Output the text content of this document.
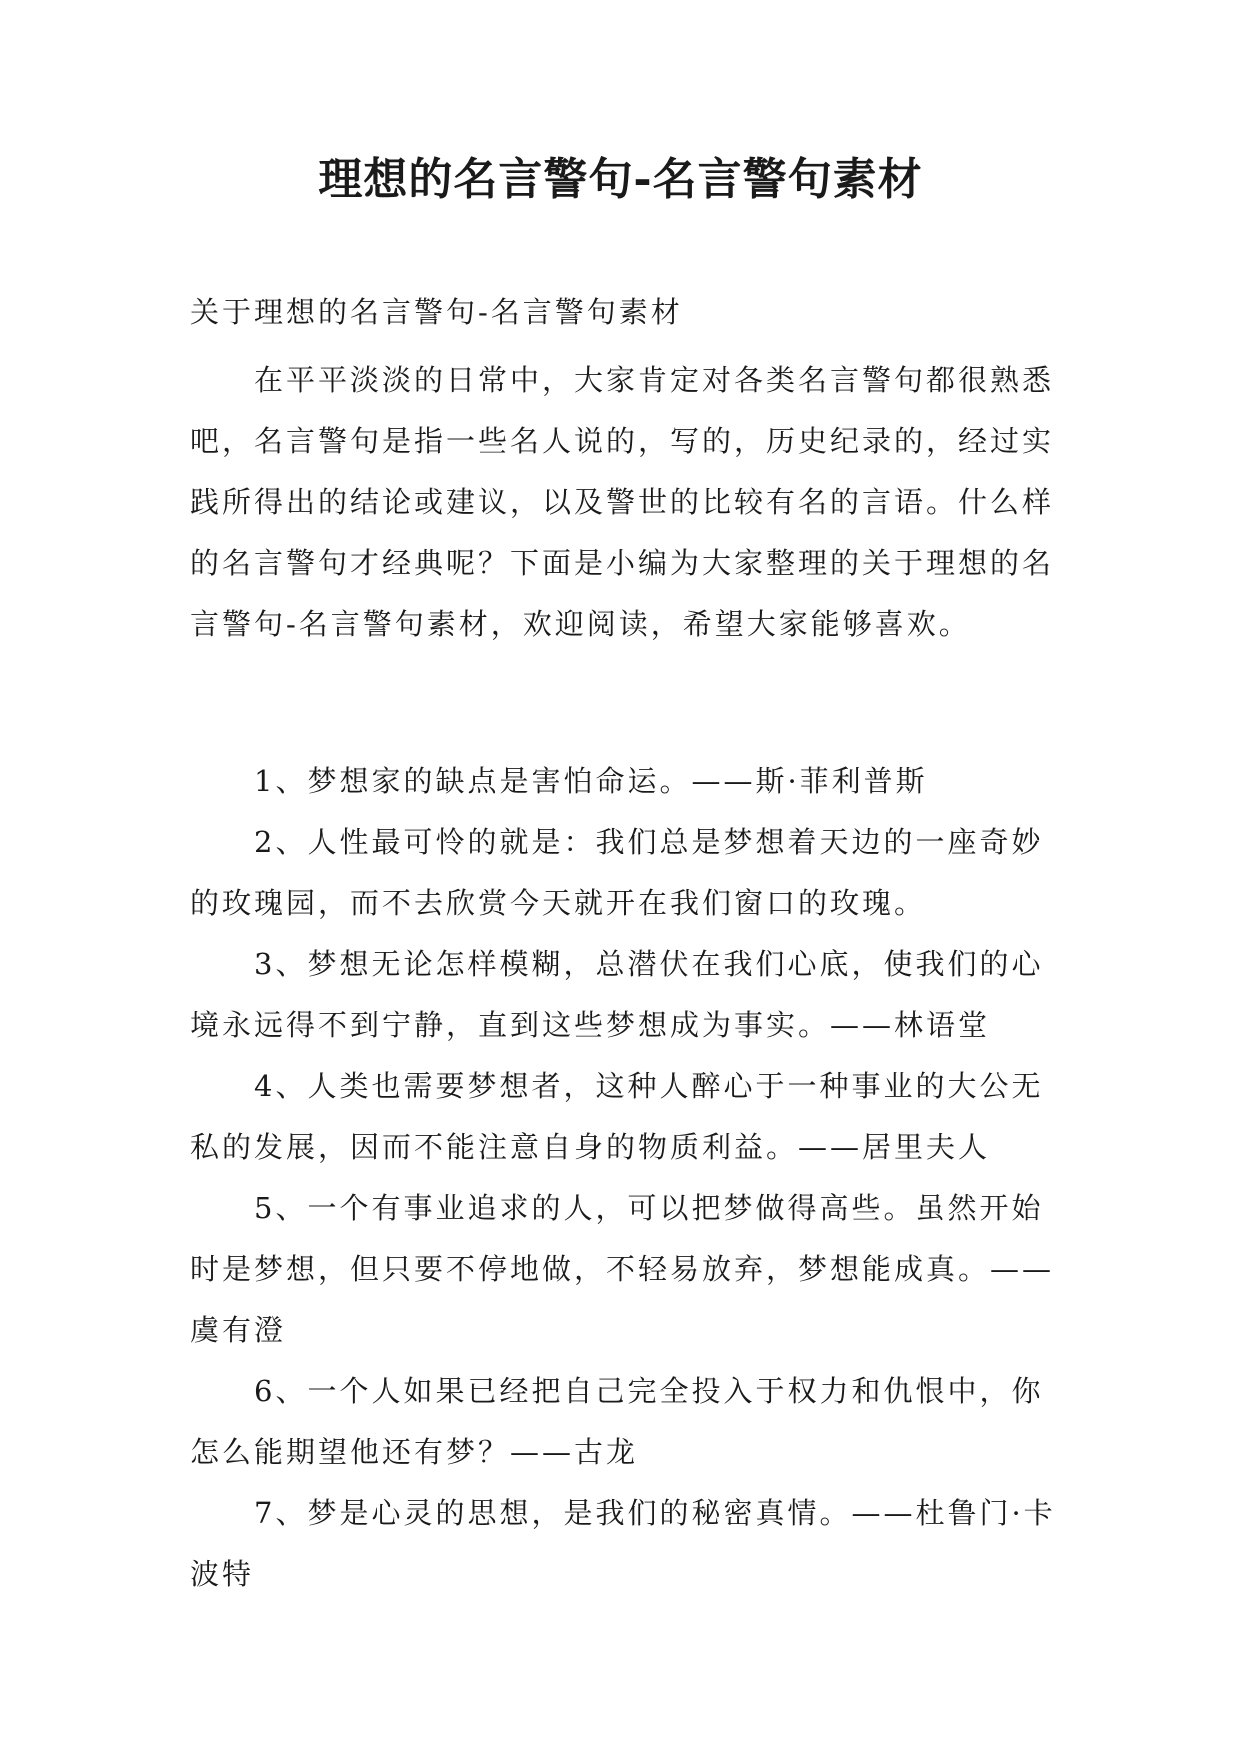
理想的名言警句-名言警句素材
关于理想的名言警句-名言警句素材

在平平淡淡的日常中，大家肯定对各类名言警句都很熟悉吧，名言警句是指一些名人说的，写的，历史纪录的，经过实践所得出的结论或建议，以及警世的比较有名的言语。什么样的名言警句才经典呢？下面是小编为大家整理的关于理想的名言警句-名言警句素材，欢迎阅读，希望大家能够喜欢。

1、梦想家的缺点是害怕命运。——斯·菲利普斯

2、人性最可怜的就是：我们总是梦想着天边的一座奇妙的玫瑰园，而不去欣赏今天就开在我们窗口的玫瑰。

3、梦想无论怎样模糊，总潜伏在我们心底，使我们的心境永远得不到宁静，直到这些梦想成为事实。——林语堂

4、人类也需要梦想者，这种人醉心于一种事业的大公无私的发展，因而不能注意自身的物质利益。——居里夫人

5、一个有事业追求的人，可以把梦做得高些。虽然开始时是梦想，但只要不停地做，不轻易放弃，梦想能成真。——虞有澄

6、一个人如果已经把自己完全投入于权力和仇恨中，你怎么能期望他还有梦？——古龙

7、梦是心灵的思想，是我们的秘密真情。——杜鲁门·卡波特
